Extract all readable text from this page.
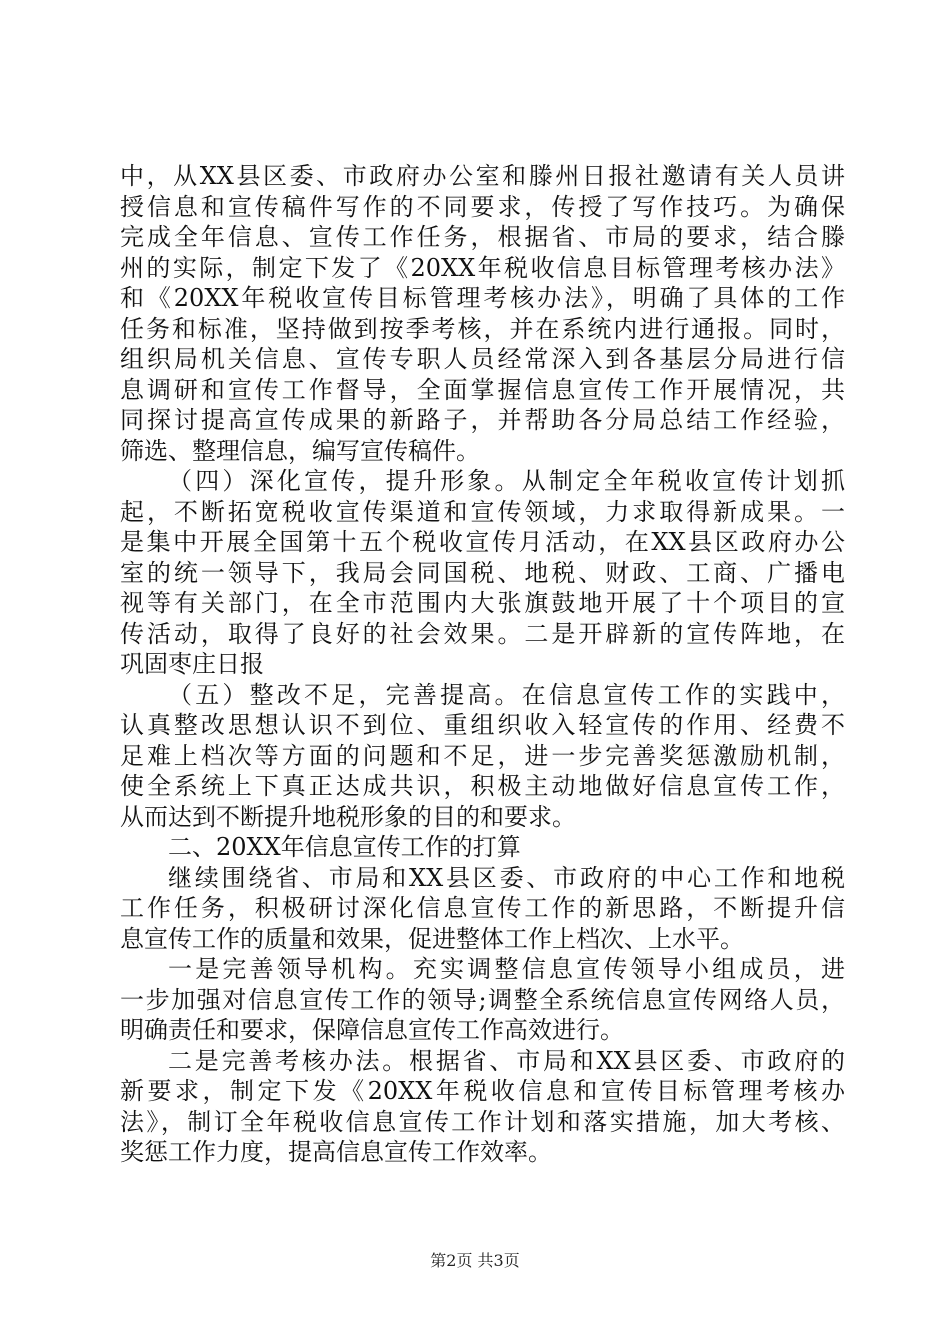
中，从XX县区委、市政府办公室和滕州日报社邀请有关人员讲
授信息和宣传稿件写作的不同要求，传授了写作技巧。为确保
完成全年信息、宣传工作任务，根据省、市局的要求，结合滕
州的实际，制定下发了《20XX年税收信息目标管理考核办法》
和《20XX年税收宣传目标管理考核办法》，明确了具体的工作
任务和标准，坚持做到按季考核，并在系统内进行通报。同时，
组织局机关信息、宣传专职人员经常深入到各基层分局进行信
息调研和宣传工作督导，全面掌握信息宣传工作开展情况，共
同探讨提高宣传成果的新路子，并帮助各分局总结工作经验，
筛选、整理信息，编写宣传稿件。
（四）深化宣传，提升形象。从制定全年税收宣传计划抓
起，不断拓宽税收宣传渠道和宣传领域，力求取得新成果。一
是集中开展全国第十五个税收宣传月活动，在XX县区政府办公
室的统一领导下，我局会同国税、地税、财政、工商、广播电
视等有关部门，在全市范围内大张旗鼓地开展了十个项目的宣
传活动，取得了良好的社会效果。二是开辟新的宣传阵地，在
巩固枣庄日报
（五）整改不足，完善提高。在信息宣传工作的实践中，
认真整改思想认识不到位、重组织收入轻宣传的作用、经费不
足难上档次等方面的问题和不足，进一步完善奖惩激励机制，
使全系统上下真正达成共识，积极主动地做好信息宣传工作，
从而达到不断提升地税形象的目的和要求。
二、20XX年信息宣传工作的打算
继续围绕省、市局和XX县区委、市政府的中心工作和地税
工作任务，积极研讨深化信息宣传工作的新思路，不断提升信
息宣传工作的质量和效果，促进整体工作上档次、上水平。
一是完善领导机构。充实调整信息宣传领导小组成员，进
一步加强对信息宣传工作的领导;调整全系统信息宣传网络人员，
明确责任和要求，保障信息宣传工作高效进行。
二是完善考核办法。根据省、市局和XX县区委、市政府的
新要求，制定下发《20XX年税收信息和宣传目标管理考核办
法》，制订全年税收信息宣传工作计划和落实措施，加大考核、
奖惩工作力度，提高信息宣传工作效率。
第2页 共3页
